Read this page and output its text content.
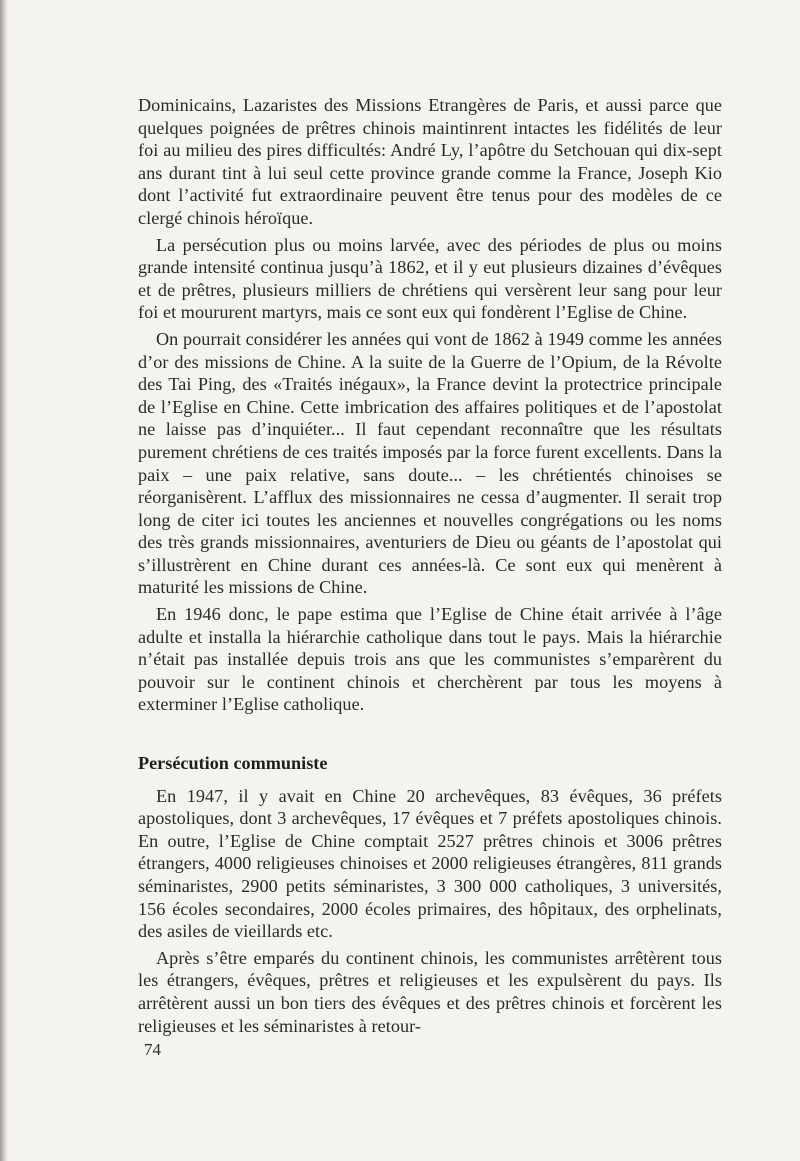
Dominicains, Lazaristes des Missions Etrangères de Paris, et aussi parce que quelques poignées de prêtres chinois maintinrent intactes les fidélités de leur foi au milieu des pires difficultés: André Ly, l’apôtre du Setchouan qui dix-sept ans durant tint à lui seul cette province grande comme la France, Joseph Kio dont l’activité fut extraordinaire peuvent être tenus pour des modèles de ce clergé chinois héroïque.

La persécution plus ou moins larvée, avec des périodes de plus ou moins grande intensité continua jusqu’à 1862, et il y eut plusieurs dizaines d’évêques et de prêtres, plusieurs milliers de chrétiens qui versèrent leur sang pour leur foi et moururent martyrs, mais ce sont eux qui fondèrent l’Eglise de Chine.

On pourrait considérer les années qui vont de 1862 à 1949 comme les années d’or des missions de Chine. A la suite de la Guerre de l’Opium, de la Révolte des Tai Ping, des «Traités inégaux», la France devint la protectrice principale de l’Eglise en Chine. Cette imbrication des affaires politiques et de l’apostolat ne laisse pas d’inquiéter... Il faut cependant reconnaître que les résultats purement chrétiens de ces traités imposés par la force furent excellents. Dans la paix – une paix relative, sans doute... – les chrétientés chinoises se réorganisèrent. L’afflux des missionnaires ne cessa d’augmenter. Il serait trop long de citer ici toutes les anciennes et nouvelles congrégations ou les noms des très grands missionnaires, aventuriers de Dieu ou géants de l’apostolat qui s’illustrèrent en Chine durant ces années-là. Ce sont eux qui menèrent à maturité les missions de Chine.

En 1946 donc, le pape estima que l’Eglise de Chine était arrivée à l’âge adulte et installa la hiérarchie catholique dans tout le pays. Mais la hiérarchie n’était pas installée depuis trois ans que les communistes s’emparèrent du pouvoir sur le continent chinois et cherchèrent par tous les moyens à exterminer l’Eglise catholique.

Persécution communiste

En 1947, il y avait en Chine 20 archevêques, 83 évêques, 36 préfets apostoliques, dont 3 archevêques, 17 évêques et 7 préfets apostoliques chinois. En outre, l’Eglise de Chine comptait 2527 prêtres chinois et 3006 prêtres étrangers, 4000 religieuses chinoises et 2000 religieuses étrangères, 811 grands séminaristes, 2900 petits séminaristes, 3 300 000 catholiques, 3 universités, 156 écoles secondaires, 2000 écoles primaires, des hôpitaux, des orphelinats, des asiles de vieillards etc.

Après s’être emparés du continent chinois, les communistes arrêtèrent tous les étrangers, évêques, prêtres et religieuses et les expulsèrent du pays. Ils arrêtèrent aussi un bon tiers des évêques et des prêtres chinois et forcèrent les religieuses et les séminaristes à retour-

74
